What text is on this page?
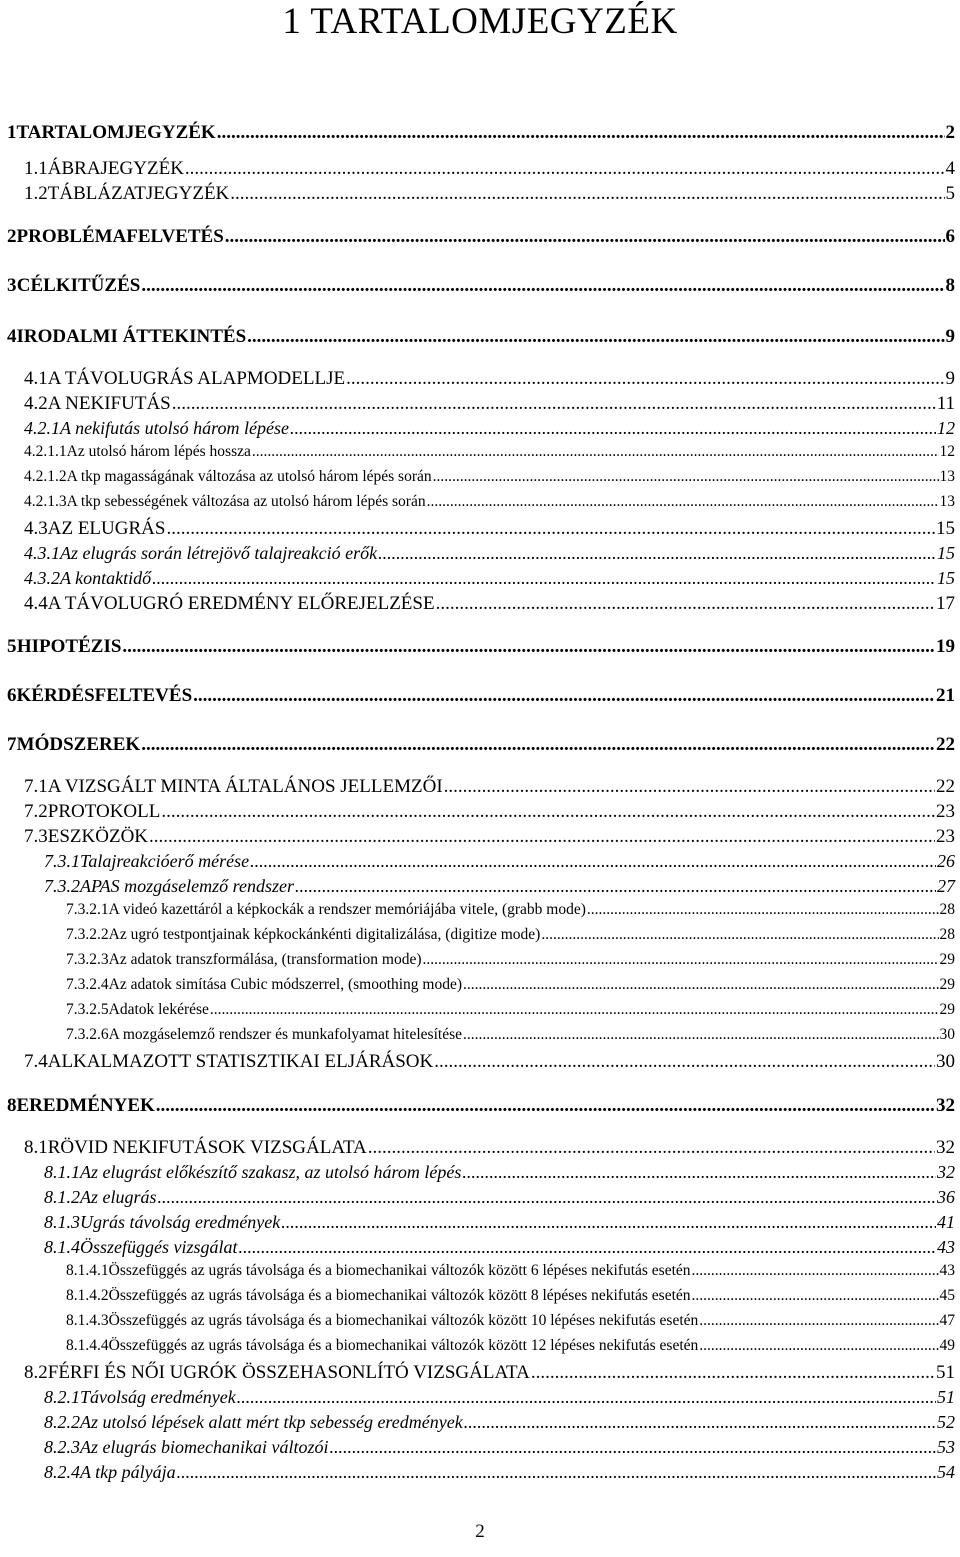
1 TARTALOMJEGYZÉK
1 TARTALOMJEGYZÉK .....	2
1.1 ÁBRAJEGYZÉK .....	4
1.2 TÁBLÁZATJEGYZÉK .....	5
2 PROBLÉMAFELVETÉS .....	6
3 CÉLKITŰZÉS .....	8
4 IRODALMI ÁTTEKINTÉS .....	9
4.1 A TÁVOLUGRÁS ALAPMODELLJE .....	9
4.2 A NEKIFUTÁS .....	11
4.2.1 A nekifutás utolsó három lépése .....	12
4.2.1.1 Az utolsó három lépés hossza .....	12
4.2.1.2 A tkp magasságának változása az utolsó három lépés során .....	13
4.2.1.3 A tkp sebességének változása az utolsó három lépés során .....	13
4.3 AZ ELUGRÁS .....	15
4.3.1 Az elugrás során létrejövő talajreakció erők .....	15
4.3.2 A kontaktidő .....	15
4.4 A TÁVOLUGRÓ EREDMÉNY ELŐREJELZÉSE .....	17
5 HIPOTÉZIS .....	19
6 KÉRDÉSFELTEVÉS .....	21
7 MÓDSZEREK .....	22
7.1 A VIZSGÁLT MINTA ÁLTALÁNOS JELLEMZŐI .....	22
7.2 PROTOKOLL .....	23
7.3 ESZKÖZÖK .....	23
7.3.1 Talajreakcióerő mérése .....	26
7.3.2 APAS mozgáselemző rendszer .....	27
7.3.2.1 A videó kazettáról a képkockák a rendszer memóriájába vitele, (grabb mode) .....	28
7.3.2.2 Az ugró testpontjainak képkockánkénti digitalizálása, (digitize mode) .....	28
7.3.2.3 Az adatok transzformálása, (transformation mode) .....	29
7.3.2.4 Az adatok simítása Cubic módszerrel, (smoothing mode) .....	29
7.3.2.5 Adatok lekérése .....	29
7.3.2.6 A mozgáselemző rendszer és munkafolyamat hitelesítése .....	30
7.4 ALKALMAZOTT STATISZTIKAI ELJÁRÁSOK .....	30
8 EREDMÉNYEK .....	32
8.1 RÖVID NEKIFUTÁSOK VIZSGÁLATA .....	32
8.1.1 Az elugrást előkészítő szakasz, az utolsó három lépés .....	32
8.1.2 Az elugrás .....	36
8.1.3 Ugrás távolság eredmények .....	41
8.1.4 Összefüggés vizsgálat .....	43
8.1.4.1 Összefüggés az ugrás távolsága és a biomechanikai változók között 6 lépéses nekifutás esetén .....	43
8.1.4.2 Összefüggés az ugrás távolsága és a biomechanikai változók között 8 lépéses nekifutás esetén .....	45
8.1.4.3 Összefüggés az ugrás távolsága és a biomechanikai változók között 10 lépéses nekifutás esetén .....	47
8.1.4.4 Összefüggés az ugrás távolsága és a biomechanikai változók között 12 lépéses nekifutás esetén .....	49
8.2 FÉRFI ÉS NŐI UGRÓK ÖSSZEHASONLÍTÓ VIZSGÁLATA .....	51
8.2.1 Távolság eredmények .....	51
8.2.2 Az utolsó lépések alatt mért tkp sebesség eredmények .....	52
8.2.3 Az elugrás biomechanikai változói .....	53
8.2.4 A tkp pályája .....	54
2
